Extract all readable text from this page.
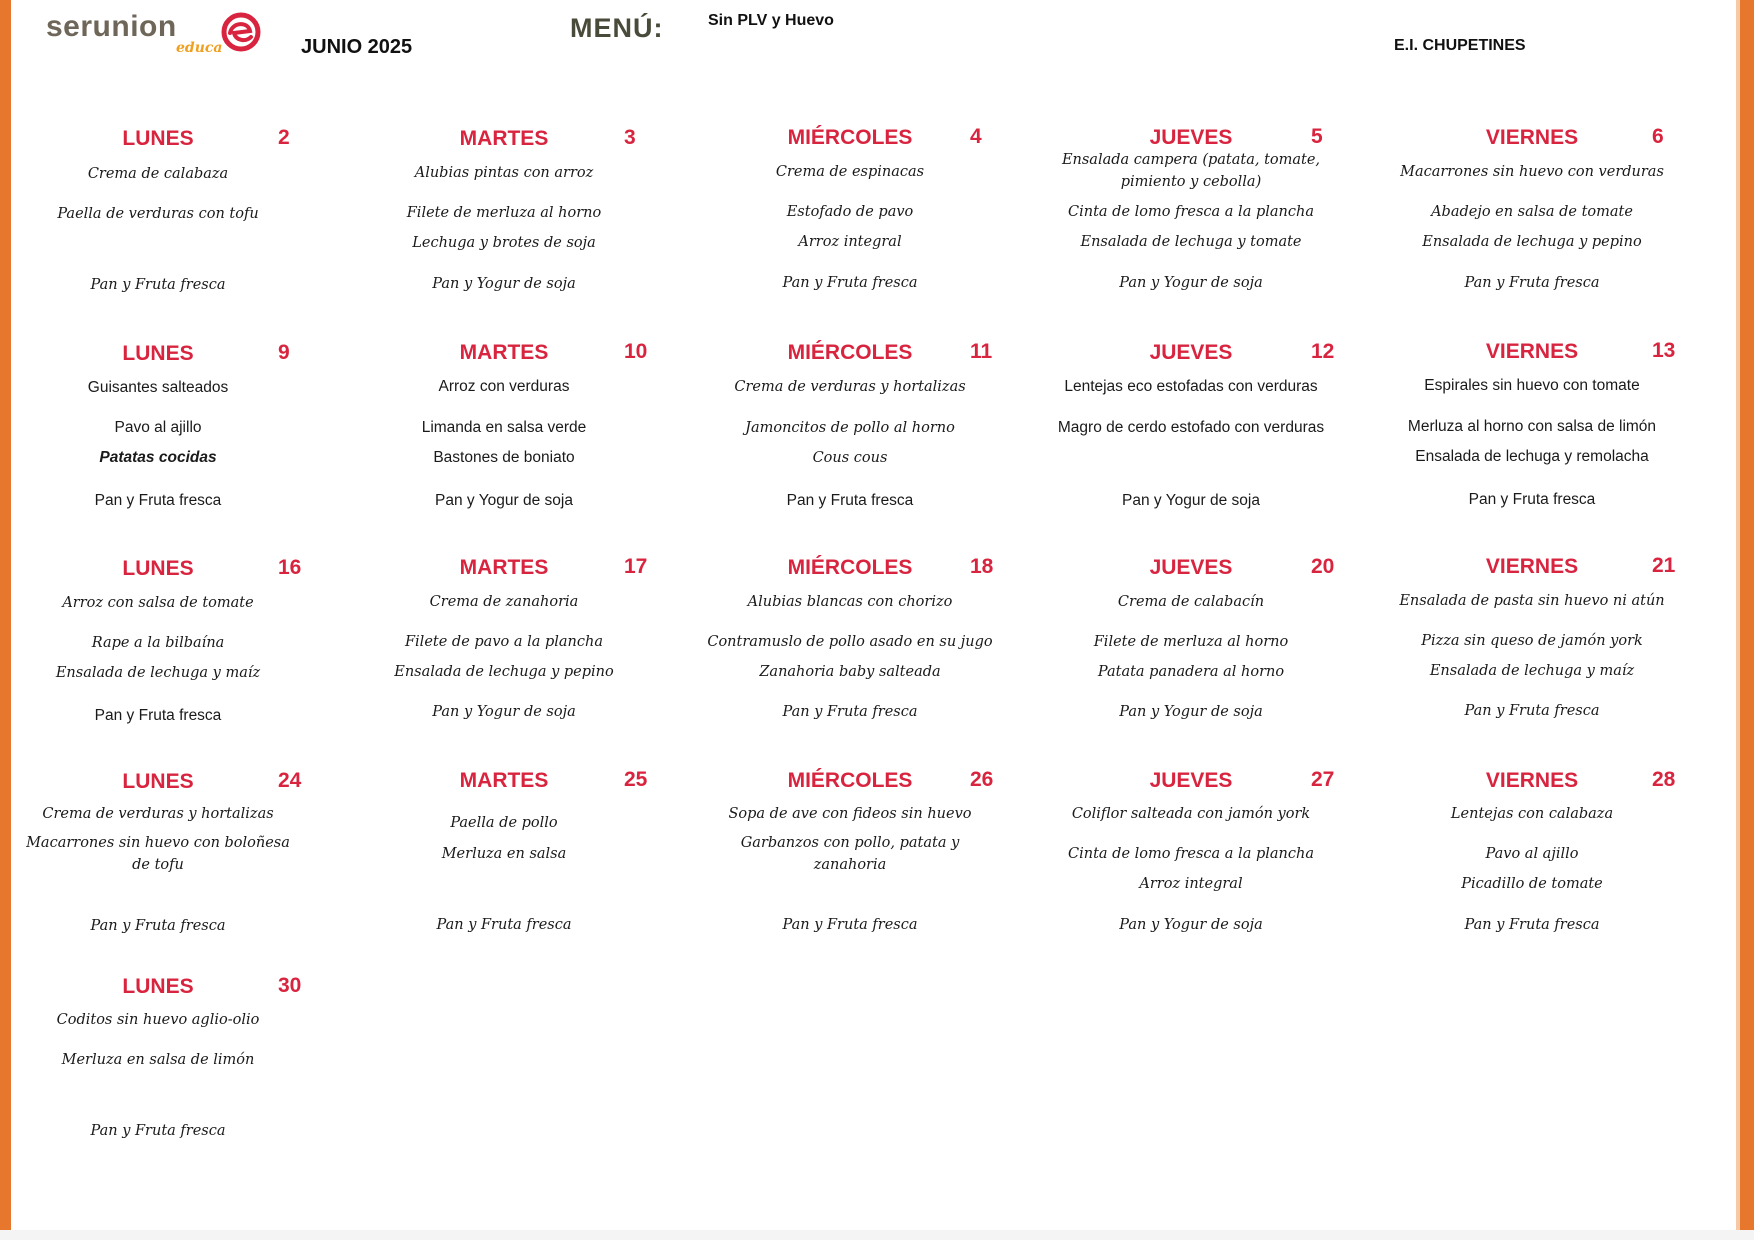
serunion
educa	JUNIO 2025
MENÚ:	Sin PLV y Huevo
E.I. CHUPETINES
LUNES	2
Crema de calabaza
Paella de verduras con tofu
Pan y Fruta fresca
MARTES	3
Alubias pintas con arroz
Filete de merluza al horno
Lechuga y brotes de soja
Pan y Yogur de soja
MIÉRCOLES	4
Crema de espinacas
Estofado de pavo
Arroz integral
Pan y Fruta fresca
JUEVES	5
Ensalada campera (patata, tomate, pimiento y cebolla)
Cinta de lomo fresca a la plancha
Ensalada de lechuga y tomate
Pan y Yogur de soja
VIERNES	6
Macarrones sin huevo con verduras
Abadejo en salsa de tomate
Ensalada de lechuga y pepino
Pan y Fruta fresca
LUNES	9
Guisantes salteados
Pavo al ajillo
Patatas cocidas
Pan y Fruta fresca
MARTES	10
Arroz con verduras
Limanda en salsa verde
Bastones de boniato
Pan y Yogur de soja
MIÉRCOLES	11
Crema de verduras y hortalizas
Jamoncitos de pollo al horno
Cous cous
Pan y Fruta fresca
JUEVES	12
Lentejas eco estofadas con verduras
Magro de cerdo estofado con verduras
Pan y Yogur de soja
VIERNES	13
Espirales sin huevo con tomate
Merluza al horno con salsa de limón
Ensalada de lechuga y remolacha
Pan y Fruta fresca
LUNES	16
Arroz con salsa de tomate
Rape a la bilbaína
Ensalada de lechuga y maíz
Pan y Fruta fresca
MARTES	17
Crema de zanahoria
Filete de pavo a la plancha
Ensalada de lechuga y pepino
Pan y Yogur de soja
MIÉRCOLES	18
Alubias blancas con chorizo
Contramuslo de pollo asado en su jugo
Zanahoria baby salteada
Pan y Fruta fresca
JUEVES	20
Crema de calabacín
Filete de merluza al horno
Patata panadera al horno
Pan y Yogur de soja
VIERNES	21
Ensalada de pasta sin huevo ni atún
Pizza sin queso de jamón york
Ensalada de lechuga y maíz
Pan y Fruta fresca
LUNES	24
Crema de verduras y hortalizas
Macarrones sin huevo con boloñesa de tofu
Pan y Fruta fresca
MARTES	25
Paella de pollo
Merluza en salsa
Pan y Fruta fresca
MIÉRCOLES	26
Sopa de ave con fideos sin huevo
Garbanzos con pollo, patata y zanahoria
Pan y Fruta fresca
JUEVES	27
Coliflor salteada con jamón york
Cinta de lomo fresca a la plancha
Arroz integral
Pan y Yogur de soja
VIERNES	28
Lentejas con calabaza
Pavo al ajillo
Picadillo de tomate
Pan y Fruta fresca
LUNES	30
Coditos sin huevo aglio-olio
Merluza en salsa de limón
Pan y Fruta fresca
